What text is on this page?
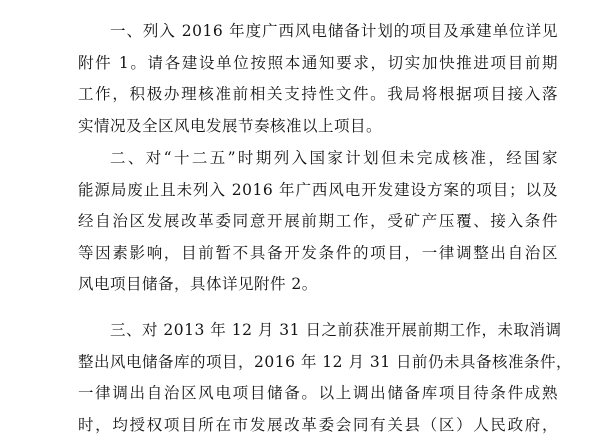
一、列入 2016 年度广西风电储备计划的项目及承建单位详见
附件 1。请各建设单位按照本通知要求，切实加快推进项目前期
工作，积极办理核准前相关支持性文件。我局将根据项目接入落
实情况及全区风电发展节奏核准以上项目。
二、对“十二五”时期列入国家计划但未完成核准，经国家
能源局废止且未列入 2016 年广西风电开发建设方案的项目；以及
经自治区发展改革委同意开展前期工作，受矿产压覆、接入条件
等因素影响，目前暂不具备开发条件的项目，一律调整出自治区
风电项目储备，具体详见附件 2。
三、对 2013 年 12 月 31 日之前获准开展前期工作，未取消调
整出风电储备库的项目，2016 年 12 月 31 日前仍未具备核准条件，
一律调出自治区风电项目储备。以上调出储备库项目待条件成熟
时，均授权项目所在市发展改革委会同有关县（区）人民政府，
